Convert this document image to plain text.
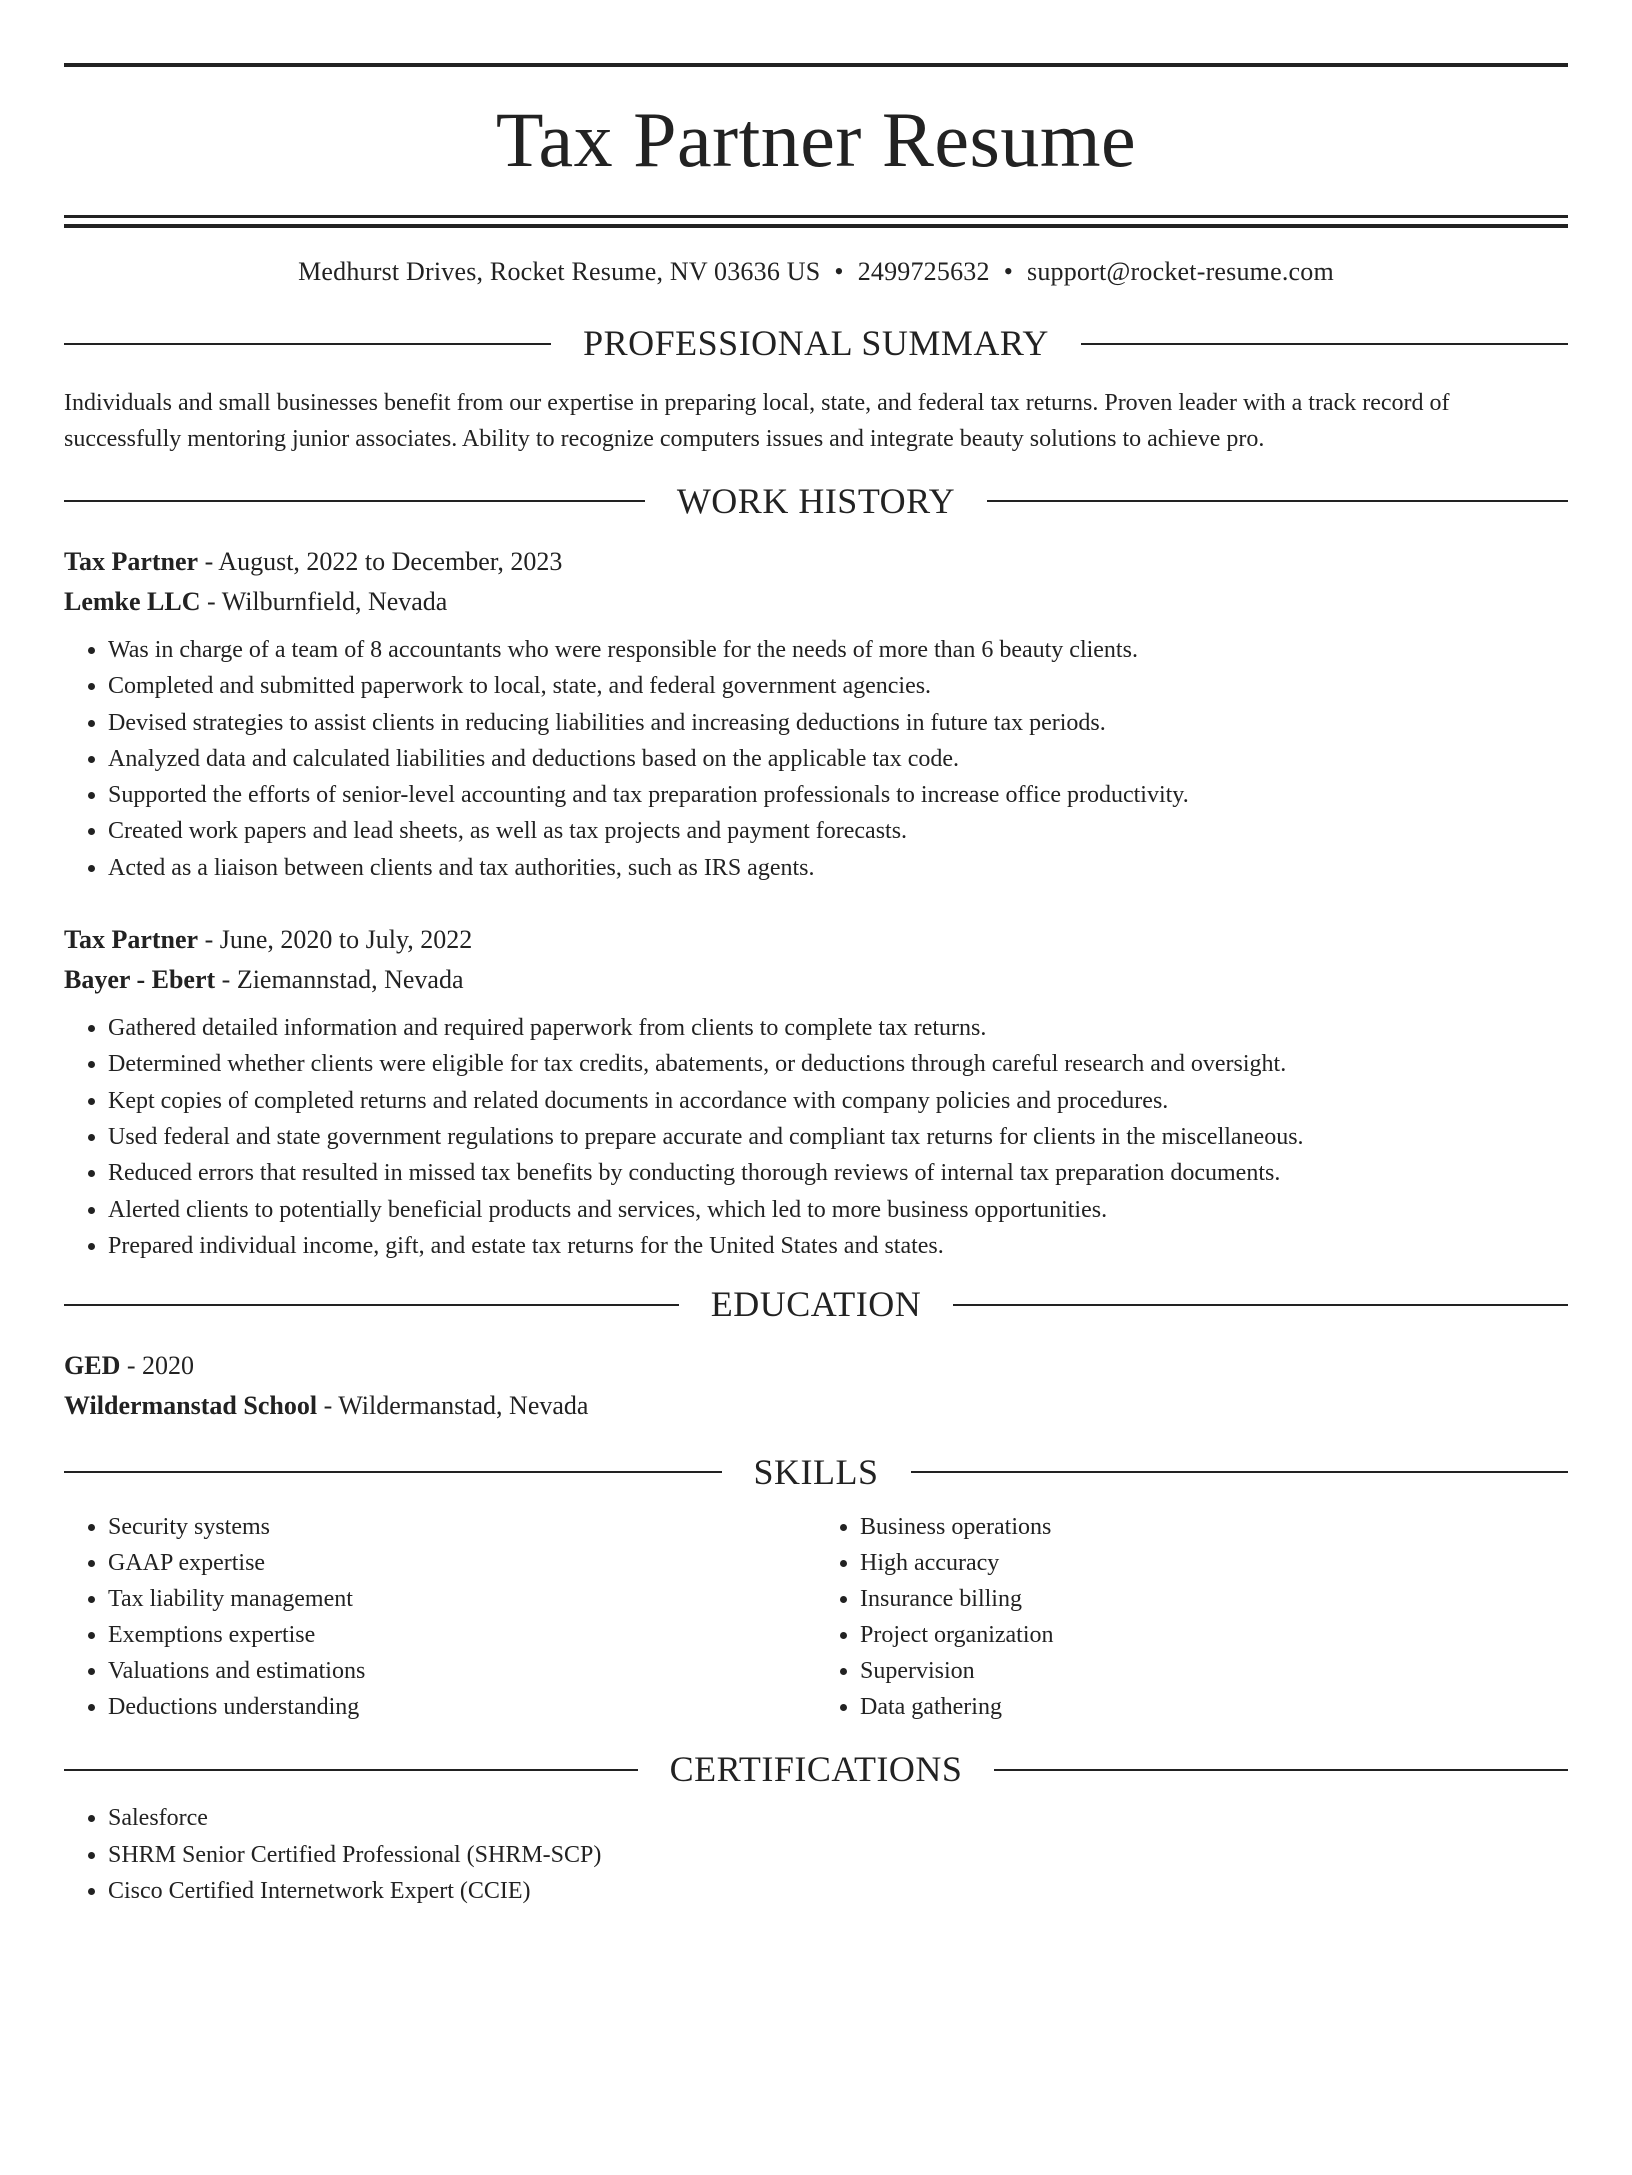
Tax Partner Resume
Medhurst Drives, Rocket Resume, NV 03636 US • 2499725632 • support@rocket-resume.com
PROFESSIONAL SUMMARY

Individuals and small businesses benefit from our expertise in preparing local, state, and federal tax returns. Proven leader with a track record of successfully mentoring junior associates. Ability to recognize computers issues and integrate beauty solutions to achieve pro.

WORK HISTORY
Tax Partner - August, 2022 to December, 2023
Lemke LLC - Wilburnfield, Nevada
• Was in charge of a team of 8 accountants who were responsible for the needs of more than 6 beauty clients.
• Completed and submitted paperwork to local, state, and federal government agencies.
• Devised strategies to assist clients in reducing liabilities and increasing deductions in future tax periods.
• Analyzed data and calculated liabilities and deductions based on the applicable tax code.
• Supported the efforts of senior-level accounting and tax preparation professionals to increase office productivity.
• Created work papers and lead sheets, as well as tax projects and payment forecasts.
• Acted as a liaison between clients and tax authorities, such as IRS agents.
Tax Partner - June, 2020 to July, 2022
Bayer - Ebert - Ziemannstad, Nevada
• Gathered detailed information and required paperwork from clients to complete tax returns.
• Determined whether clients were eligible for tax credits, abatements, or deductions through careful research and oversight.
• Kept copies of completed returns and related documents in accordance with company policies and procedures.
• Used federal and state government regulations to prepare accurate and compliant tax returns for clients in the miscellaneous.
• Reduced errors that resulted in missed tax benefits by conducting thorough reviews of internal tax preparation documents.
• Alerted clients to potentially beneficial products and services, which led to more business opportunities.
• Prepared individual income, gift, and estate tax returns for the United States and states.
EDUCATION
GED - 2020
Wildermanstad School - Wildermanstad, Nevada
SKILLS
• Security systems
• GAAP expertise
• Tax liability management
• Exemptions expertise
• Valuations and estimations
• Deductions understanding
• Business operations
• High accuracy
• Insurance billing
• Project organization
• Supervision
• Data gathering
CERTIFICATIONS
• Salesforce
• SHRM Senior Certified Professional (SHRM-SCP)
• Cisco Certified Internetwork Expert (CCIE)
